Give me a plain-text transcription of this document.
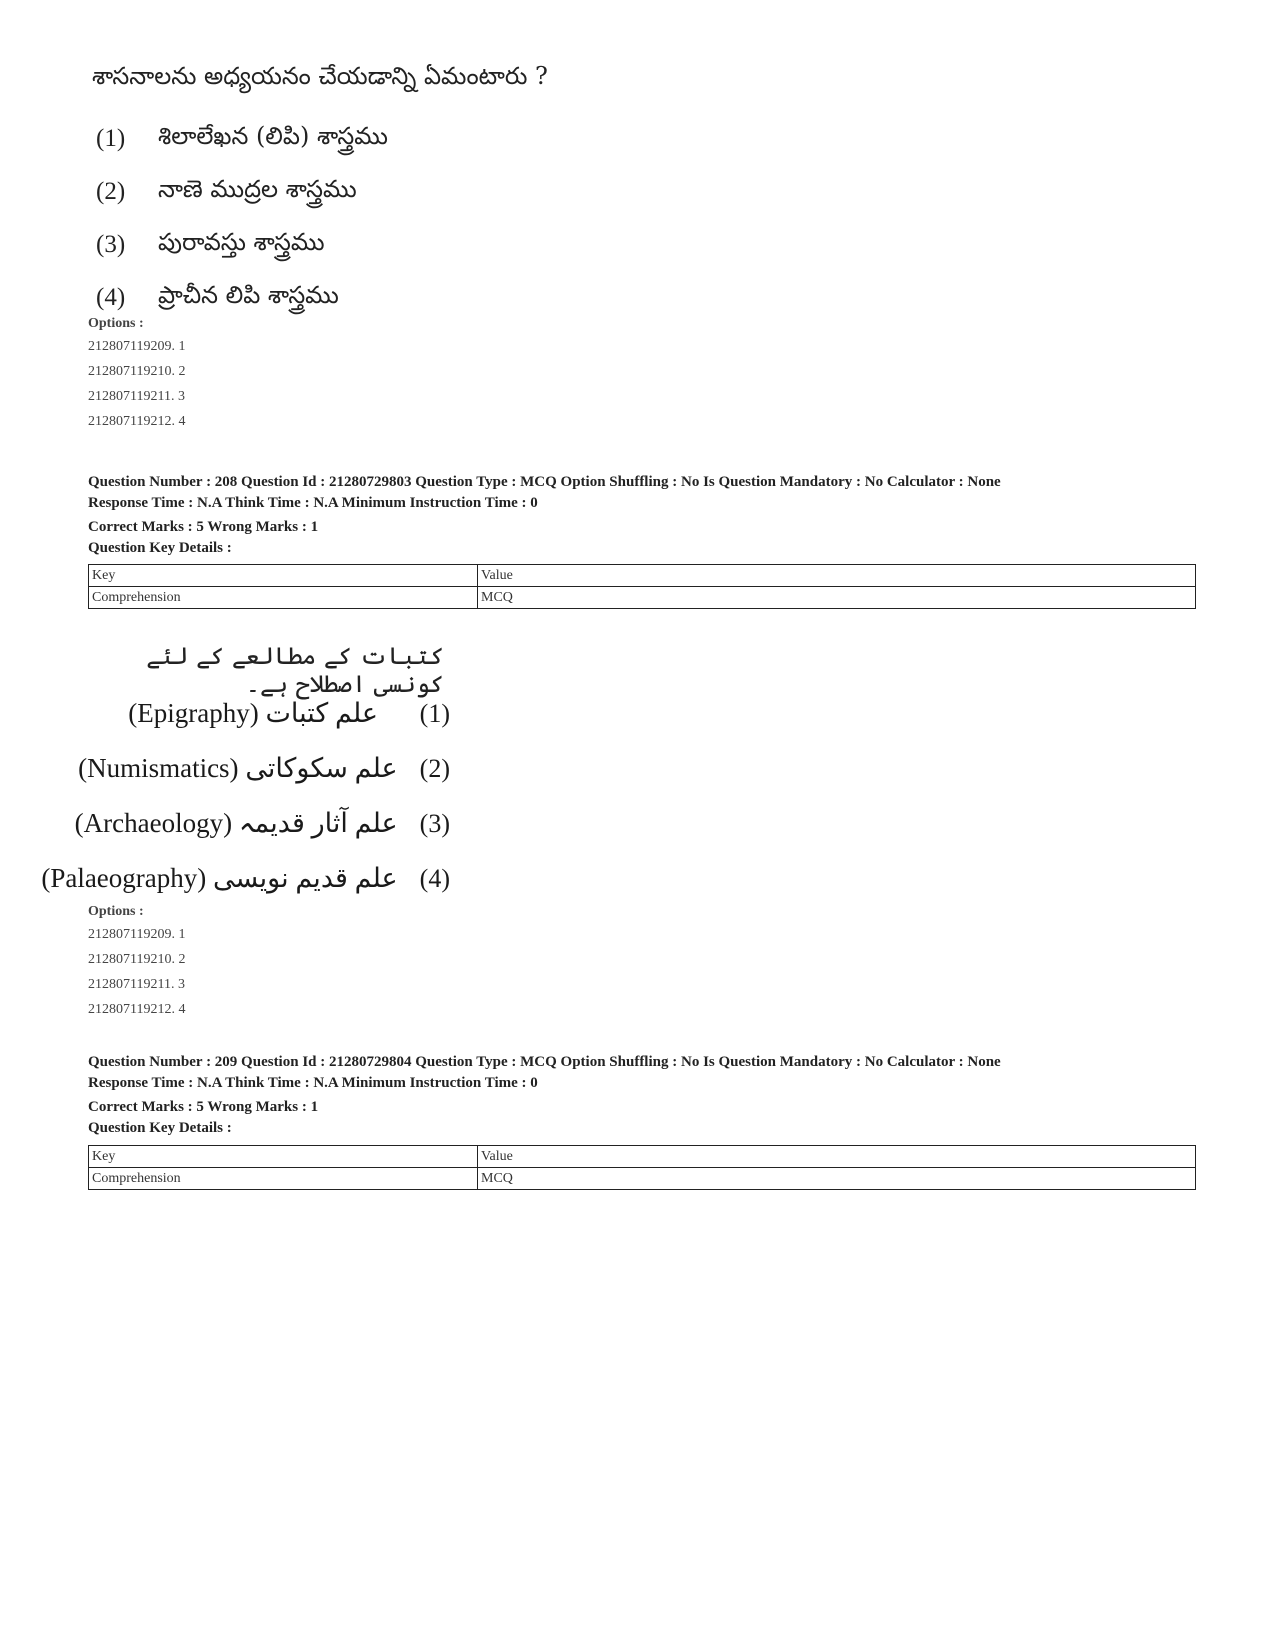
శాసనాలను అధ్యయనం చేయడాన్ని ఏమంటారు ?
(1)	శిలాలేఖన (లిపి) శాస్త్రము
(2)	నాణె ముద్రల శాస్త్రము
(3)	పురావస్తు శాస్త్రము
(4)	ప్రాచీన లిపి శాస్త్రము
Options :
212807119209. 1
212807119210. 2
212807119211. 3
212807119212. 4
Question Number : 208 Question Id : 21280729803 Question Type : MCQ Option Shuffling : No Is Question Mandatory : No Calculator : None
Response Time : N.A Think Time : N.A Minimum Instruction Time : 0
Correct Marks : 5 Wrong Marks : 1
Question Key Details :
Key	Value
Comprehension	MCQ
کتبات کے مطالعے کے لئے کونسی اصطلاح ہے۔
(Epigraphy) علم کتبات	(1)
(Numismatics) علم سکوکاتی (2)
(Archaeology) علم آثار قدیمہ (3)
(Palaeography) علم قدیم نویسی (4)
Options :
212807119209. 1
212807119210. 2
212807119211. 3
212807119212. 4
Question Number : 209 Question Id : 21280729804 Question Type : MCQ Option Shuffling : No Is Question Mandatory : No Calculator : None
Response Time : N.A Think Time : N.A Minimum Instruction Time : 0
Correct Marks : 5 Wrong Marks : 1
Question Key Details :
Key	Value
Comprehension	MCQ
